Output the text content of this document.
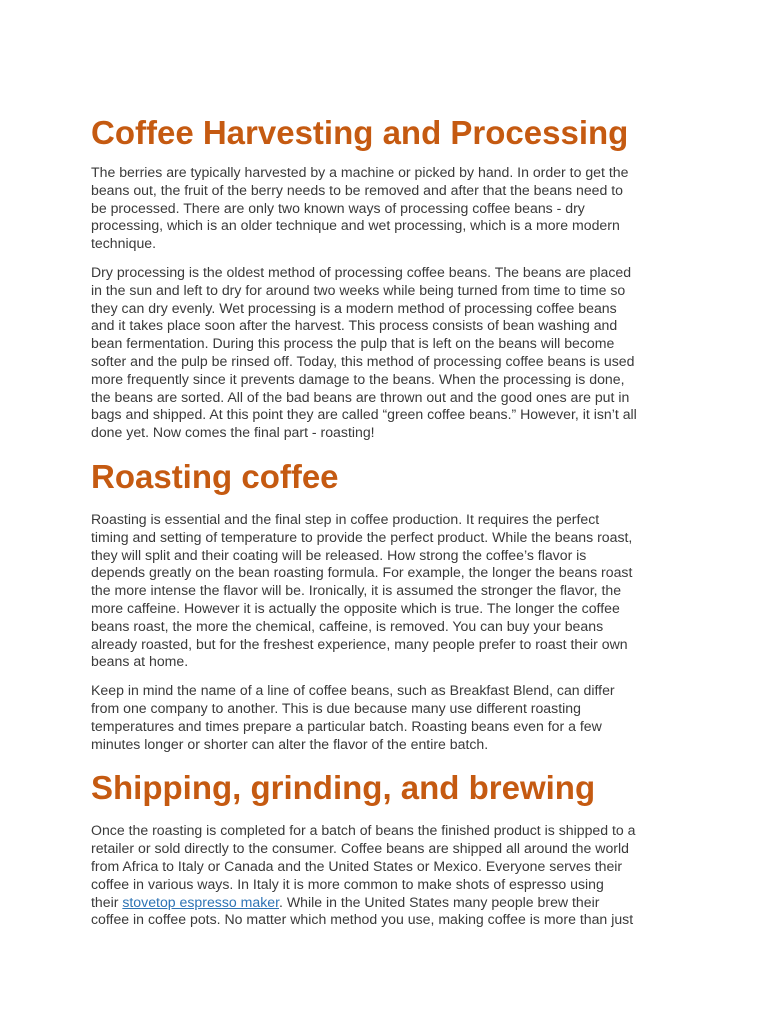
Coffee Harvesting and Processing

The berries are typically harvested by a machine or picked by hand. In order to get the
beans out, the fruit of the berry needs to be removed and after that the beans need to
be processed. There are only two known ways of processing coffee beans - dry
processing, which is an older technique and wet processing, which is a more modern
technique.

Dry processing is the oldest method of processing coffee beans. The beans are placed
in the sun and left to dry for around two weeks while being turned from time to time so
they can dry evenly. Wet processing is a modern method of processing coffee beans
and it takes place soon after the harvest. This process consists of bean washing and
bean fermentation. During this process the pulp that is left on the beans will become
softer and the pulp be rinsed off. Today, this method of processing coffee beans is used
more frequently since it prevents damage to the beans. When the processing is done,
the beans are sorted. All of the bad beans are thrown out and the good ones are put in
bags and shipped. At this point they are called “green coffee beans.” However, it isn’t all
done yet. Now comes the final part - roasting!

Roasting coffee

Roasting is essential and the final step in coffee production. It requires the perfect
timing and setting of temperature to provide the perfect product. While the beans roast,
they will split and their coating will be released. How strong the coffee’s flavor is
depends greatly on the bean roasting formula. For example, the longer the beans roast
the more intense the flavor will be. Ironically, it is assumed the stronger the flavor, the
more caffeine. However it is actually the opposite which is true. The longer the coffee
beans roast, the more the chemical, caffeine, is removed. You can buy your beans
already roasted, but for the freshest experience, many people prefer to roast their own
beans at home.

Keep in mind the name of a line of coffee beans, such as Breakfast Blend, can differ
from one company to another. This is due because many use different roasting
temperatures and times prepare a particular batch. Roasting beans even for a few
minutes longer or shorter can alter the flavor of the entire batch.

Shipping, grinding, and brewing

Once the roasting is completed for a batch of beans the finished product is shipped to a
retailer or sold directly to the consumer. Coffee beans are shipped all around the world
from Africa to Italy or Canada and the United States or Mexico. Everyone serves their
coffee in various ways. In Italy it is more common to make shots of espresso using
their stovetop espresso maker. While in the United States many people brew their
coffee in coffee pots. No matter which method you use, making coffee is more than just
